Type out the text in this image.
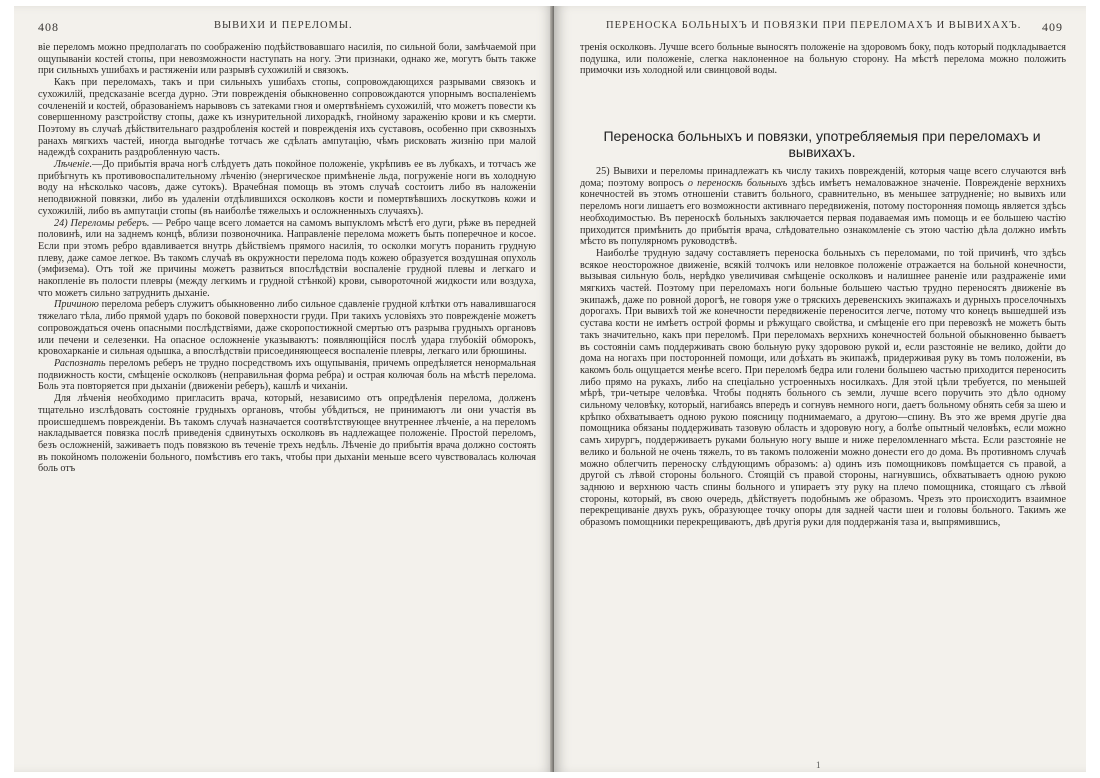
408	ВЫВИХИ И ПЕРЕЛОМЫ.

віе переломъ можно предполагать по соображенію подѣйствовавшаго насилія, по сильной боли, замѣчаемой при ощупываніи костей стопы, при невозможности наступать на ногу. Эти признаки, однако же, могутъ быть также при сильныхъ ушибахъ и растяженіи или разрывѣ сухожилій и связокъ.

Какъ при переломахъ, такъ и при сильныхъ ушибахъ стопы, сопровождающихся разрывами связокъ и сухожилій, предсказаніе всегда дурно. Эти поврежденія обыкновенно сопровождаются упорнымъ воспаленіемъ сочлененій и костей, образованіемъ нарывовъ съ затеками гноя и омертвѣніемъ сухожилій, что можетъ повести къ совершенному разстройству стопы, даже къ изнурительной лихорадкѣ, гнойному зараженію крови и къ смерти. Поэтому въ случаѣ дѣйствительнаго раздробленія костей и поврежденія ихъ суставовъ, особенно при сквозныхъ ранахъ мягкихъ частей, иногда выгоднѣе тотчасъ же сдѣлать ампутацію, чѣмъ рисковать жизнію при малой надеждѣ сохранить раздробленную часть.

Лѣченіе.—До прибытія врача ногѣ слѣдуетъ дать покойное положеніе, укрѣпивъ ее въ лубкахъ, и тотчасъ же прибѣгнуть къ противовоспалительному лѣченію (энергическое примѣненіе льда, погруженіе ноги въ холодную воду на нѣсколько часовъ, даже сутокъ). Врачебная помощь въ этомъ случаѣ состоитъ либо въ наложеніи неподвижной повязки, либо въ удаленіи отдѣлившихся осколковъ кости и помертвѣвшихъ лоскутковъ кожи и сухожилій, либо въ ампутаціи стопы (въ наиболѣе тяжелыхъ и осложненныхъ случаяхъ).

24) Переломы реберъ. — Ребро чаще всего ломается на самомъ выпукломъ мѣстѣ его дуги, рѣже въ передней половинѣ, или на заднемъ концѣ, вблизи позвоночника. Направленіе перелома можетъ быть поперечное и косое. Если при этомъ ребро вдавливается внутрь дѣйствіемъ прямого насилія, то осколки могутъ поранить грудную плеву, даже самое легкое. Въ такомъ случаѣ въ окружности перелома подъ кожею образуется воздушная опухоль (эмфизема). Отъ той же причины можетъ развиться впослѣдствіи воспаленіе грудной плевы и легкаго и накопленіе въ полости плевры (между легкимъ и грудной стѣнкой) крови, сывороточной жидкости или воздуха, что можетъ сильно затруднить дыханіе.

Причиною перелома реберъ служитъ обыкновенно либо сильное сдавленіе грудной клѣтки отъ навалившагося тяжелаго тѣла, либо прямой ударъ по боковой поверхности груди. При такихъ условіяхъ это поврежденіе можетъ сопровождаться очень опасными послѣдствіями, даже скоропостижной смертью отъ разрыва грудныхъ органовъ или печени и селезенки. На опасное осложненіе указываютъ: появляющійся послѣ удара глубокій обморокъ, кровохарканіе и сильная одышка, а впослѣдствіи присоединяющееся воспаленіе плевры, легкаго или брюшины.

Распознать переломъ реберъ не трудно посредствомъ ихъ ощупыванія, причемъ опредѣляется ненормальная подвижность кости, смѣщеніе осколковъ (неправильная форма ребра) и острая колючая боль на мѣстѣ перелома. Боль эта повторяется при дыханіи (движеніи реберъ), кашлѣ и чиханіи.

Для лѣченія необходимо пригласить врача, который, независимо отъ опредѣленія перелома, долженъ тщательно изслѣдовать состояніе грудныхъ органовъ, чтобы убѣдиться, не принимаютъ ли они участія въ происшедшемъ поврежденіи. Въ такомъ случаѣ назначается соотвѣтствующее внутреннее лѣченіе, а на переломъ накладывается повязка послѣ приведенія сдвинутыхъ осколковъ въ надлежащее положеніе. Простой переломъ, безъ осложненій, заживаетъ подъ повязкою въ теченіе трехъ недѣль. Лѣченіе до прибытія врача должно состоять въ покойномъ положеніи больного, помѣстивъ его такъ, чтобы при дыханіи меньше всего чувствовалась колючая боль отъ

ПЕРЕНОСКА БОЛЬНЫХЪ И ПОВЯЗКИ ПРИ ПЕРЕЛОМАХЪ И ВЫВИХАХЪ. 409

тренія осколковъ. Лучше всего больные выносятъ положеніе на здоровомъ боку, подъ который подкладывается подушка, или положеніе, слегка наклоненное на больную сторону. На мѣстѣ перелома можно положить примочки изъ холодной или свинцовой воды.

Переноска больныхъ и повязки, употребляемыя при переломахъ и вывихахъ.

25) Вывихи и переломы принадлежатъ къ числу такихъ поврежденій, которыя чаще всего случаются внѣ дома; поэтому вопросъ о переноскѣ больныхъ здѣсь имѣетъ немаловажное значеніе. Поврежденіе верхнихъ конечностей въ этомъ отношеніи ставитъ больного, сравнительно, въ меньшее затрудненіе; но вывихъ или переломъ ноги лишаетъ его возможности активнаго передвиженія, потому посторонняя помощь является здѣсь необходимостью. Въ переноскѣ больныхъ заключается первая подаваемая имъ помощь и ее большею частію приходится примѣнить до прибытія врача, слѣдовательно ознакомленіе съ этою частію дѣла должно имѣть мѣсто въ популярномъ руководствѣ.

Наиболѣе трудную задачу составляетъ переноска больныхъ съ переломами, по той причинѣ, что здѣсь всякое неосторожное движеніе, всякій толчокъ или неловкое положеніе отражается на больной конечности, вызывая сильную боль, нерѣдко увеличивая смѣщеніе осколковъ и налишнее раненіе или раздраженіе ими мягкихъ частей. Поэтому при переломахъ ноги больные большею частью трудно переносятъ движеніе въ экипажѣ, даже по ровной дорогѣ, не говоря уже о тряскихъ деревенскихъ экипажахъ и дурныхъ проселочныхъ дорогахъ. При вывихѣ той же конечности передвиженіе переносится легче, потому что конецъ вышедшей изъ сустава кости не имѣетъ острой формы и рѣжущаго свойства, и смѣщеніе его при перевозкѣ не можетъ быть такъ значительно, какъ при переломѣ. При переломахъ верхнихъ конечностей больной обыкновенно бываетъ въ состояніи самъ поддерживать свою больную руку здоровою рукой и, если разстояніе не велико, дойти до дома на ногахъ при посторонней помощи, или доѣхать въ экипажѣ, придерживая руку въ томъ положеніи, въ какомъ боль ощущается менѣе всего. При переломѣ бедра или голени большею частью приходится переносить либо прямо на рукахъ, либо на спеціально устроенныхъ носилкахъ. Для этой цѣли требуется, по меньшей мѣрѣ, три-четыре человѣка. Чтобы поднять больного съ земли, лучше всего поручить это дѣло одному сильному человѣку, который, нагибаясь впередъ и согнувъ немного ноги, даетъ больному обнять себя за шею и крѣпко обхватываетъ одною рукою поясницу поднимаемаго, а другою—спину. Въ это же время другіе два помощника обязаны поддерживать тазовую область и здоровую ногу, а болѣе опытный человѣкъ, если можно самъ хирургъ, поддерживаетъ руками больную ногу выше и ниже переломленнаго мѣста. Если разстояніе не велико и больной не очень тяжелъ, то въ такомъ положеніи можно донести его до дома. Въ противномъ случаѣ можно облегчить переноску слѣдующимъ образомъ: а) одинъ изъ помощниковъ помѣщается съ правой, а другой съ лѣвой стороны больного. Стоящій съ правой стороны, нагнувшись, обхватываетъ одною рукою заднюю и верхнюю часть спины больного и упираетъ эту руку на плечо помощника, стоящаго съ лѣвой стороны, который, въ свою очередь, дѣйствуетъ подобнымъ же образомъ. Чрезъ это происходитъ взаимное перекрещиваніе двухъ рукъ, образующее точку опоры для задней части шеи и головы больного. Такимъ же образомъ помощники перекрещиваютъ, двѣ другія руки для поддержанія таза и, выпрямившись,

1
